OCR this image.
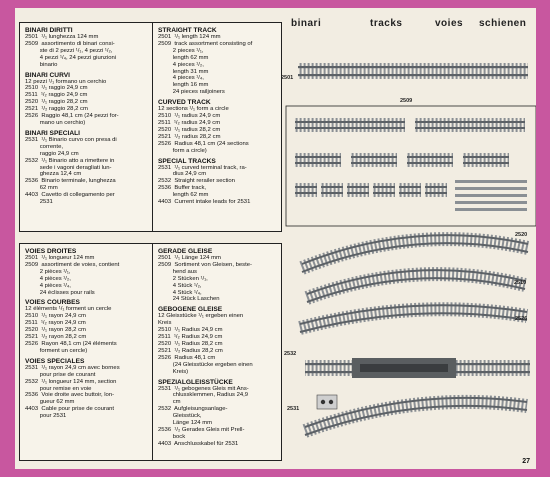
BINARI DIRITTI
2501  ¹/₁ lunghezza 124 mm
2509  assortimento di binari consi-
ste di 2 pezzi ¹/₁, 4 pezzi ¹/₂,
4 pezzi ¹/₄, 24 pezzi giunzioni
binario
BINARI CURVI
12 pezzi ¹/₁ formano un cerchio
2510  ¹/₁ raggio 24,9 cm
2511  ¹/₂ raggio 24,9 cm
2520  ¹/₁ raggio 28,2 cm
2521  ¹/₂ raggio 28,2 cm
2526  Raggio 48,1 cm (24 pezzi for-
mano un cerchio)
BINARI SPECIALI
2531  ¹/₁ Binario curvo con presa di
corrente,
raggio 24,9 cm
2532  ¹/₁ Binario atto a rimettere in
sede i vagoni deragliati lun-
ghezza 12,4 cm
2536  Binario terminale, lunghezza
62 mm
4403  Cavetto di collegamento per
2531
STRAIGHT TRACK
2501  ¹/₁ length 124 mm
2509  track assortment consisting of
2 pieces ¹/₁,
length 62 mm
4 pieces ¹/₂,
length 31 mm
4 pieces ¹/₄,
length 16 mm
24 pieces railjoiners
CURVED TRACK
12 sections ¹/₁ form a circle
2510  ¹/₁ radius 24,9 cm
2511  ¹/₂ radius 24,9 cm
2520  ¹/₁ radius 28,2 cm
2521  ¹/₂ radius 28,2 cm
2526  Radius 48,1 cm (24 sections
form a circle)
SPECIAL TRACKS
2531  ¹/₁ curved terminal track, ra-
dius 24,9 cm
2532  Straight rerailer section
2536  Buffer track,
length 62 mm
4403  Current intake leads for 2531
VOIES DROITES
2501  ¹/₁ longueur 124 mm
2509  assortiment de voies, contient
2 pièces ¹/₁,
4 pièces ¹/₂,
4 pièces ¹/₄,
24 éclisses pour rails
VOIES COURBES
12 éléments ¹/₁ forment un cercle
2510  ¹/₁ rayon 24,9 cm
2511  ¹/₂ rayon 24,9 cm
2520  ¹/₁ rayon 28,2 cm
2521  ¹/₂ rayon 28,2 cm
2526  Rayon 48,1 cm (24 éléments
forment un cercle)
VOIES SPECIALES
2531  ¹/₁ rayon 24,9 cm avec bornes
pour prise de courant
2532  ¹/₁ longueur 124 mm, section
pour remise en voie
2536  Voie droite avec buttoir, lon-
gueur 62 mm
4403  Cable pour prise de courant
pour 2531
GERADE GLEISE
2501  ¹/₁ Länge 124 mm
2509  Sortiment von Gleisen, beste-
hend aus
2 Stücken ¹/₁,
4 Stück ¹/₂,
4 Stück ¹/₄,
24 Stück Laschen
GEBOGENE GLEISE
12 Gleisstücke ¹/₁ ergeben einen
Kreis
2510  ¹/₁ Radius 24,9 cm
2511  ¹/₂ Radius 24,9 cm
2520  ¹/₁ Radius 28,2 cm
2521  ¹/₂ Radius 28,2 cm
2526  Radius 48,1 cm
(24 Gleisstücke ergeben einen
Kreis)
SPEZIALGLEISSTÜCKE
2531  ¹/₁ gebogenes Gleis mit Ans-
chlussklemmen, Radius 24,9
cm
2532  Aufgleisungsanlage-
Gleisstück,
Länge 124 mm
2536  ¹/₂ Gerades Gleis mit Prell-
bock
4403  Anschlusskabel für 2531
binari	tracks	voies schienen
2501
2509
2520
2510
2526
2532
2531
27
